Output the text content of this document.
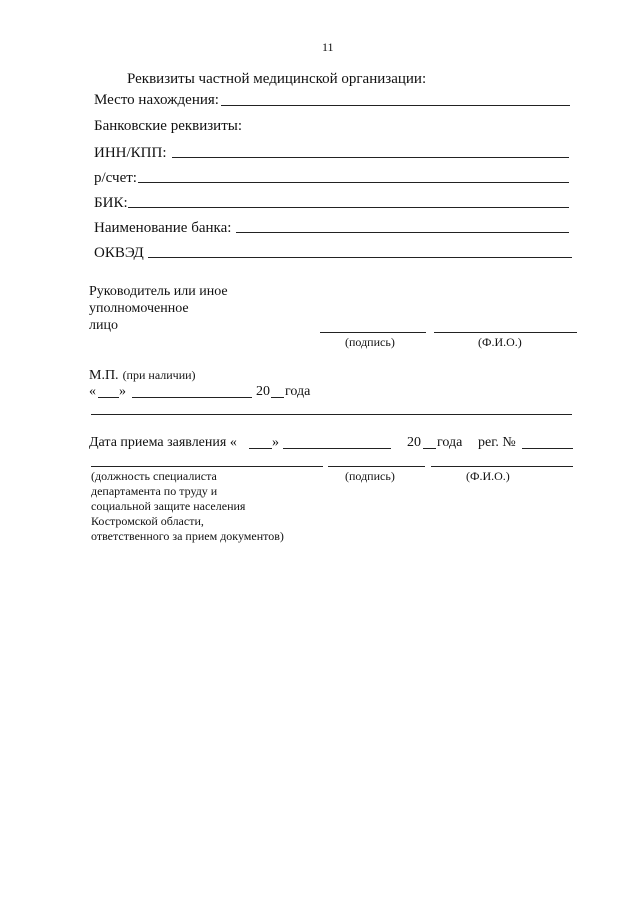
11
Реквизиты частной медицинской организации:
Место нахождения:
Банковские реквизиты:
ИНН/КПП:
р/счет:
БИК:
Наименование банка:
ОКВЭД
Руководитель или иное
уполномоченное
лицо
(подпись)	(Ф.И.О.)
М.П. (при наличии)
« »	20 года
Дата приема заявления «	»	20 года рег. №
(должность специалиста
департамента по труду и
социальной защите населения
Костромской области,
ответственного за прием документов)
(подпись)	(Ф.И.О.)
